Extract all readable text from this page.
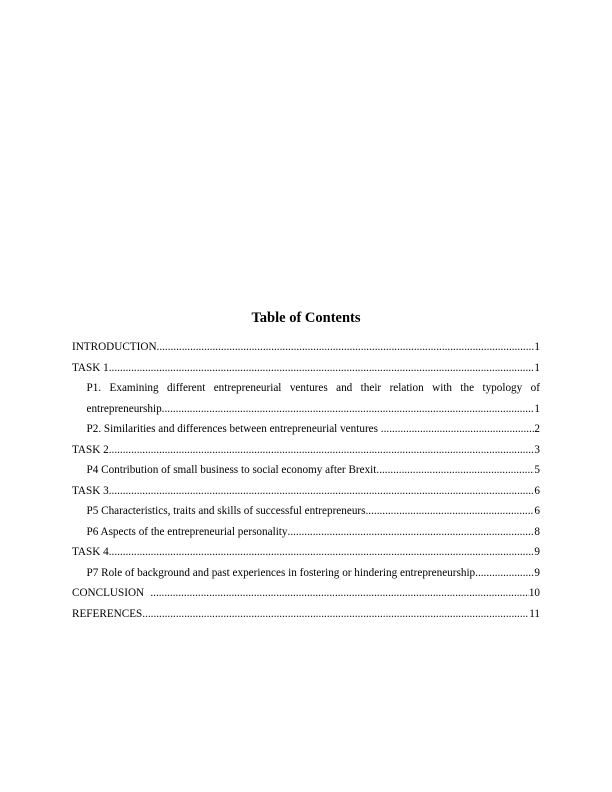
Table of Contents
INTRODUCTION .....	1
TASK 1 .....	1
P1. Examining different entrepreneurial ventures and their relation with the typology of
entrepreneurship .....	1
P2. Similarities and differences between entrepreneurial ventures .....	2
TASK 2 .....	3
P4 Contribution of small business to social economy after Brexit .....	5
TASK 3 .....	6
P5 Characteristics, traits and skills of successful entrepreneurs .....	6
P6 Aspects of the entrepreneurial personality .....	8
TASK 4 .....	9
P7 Role of background and past experiences in fostering or hindering entrepreneurship .....	9
CONCLUSION .....	10
REFERENCES .....	11
